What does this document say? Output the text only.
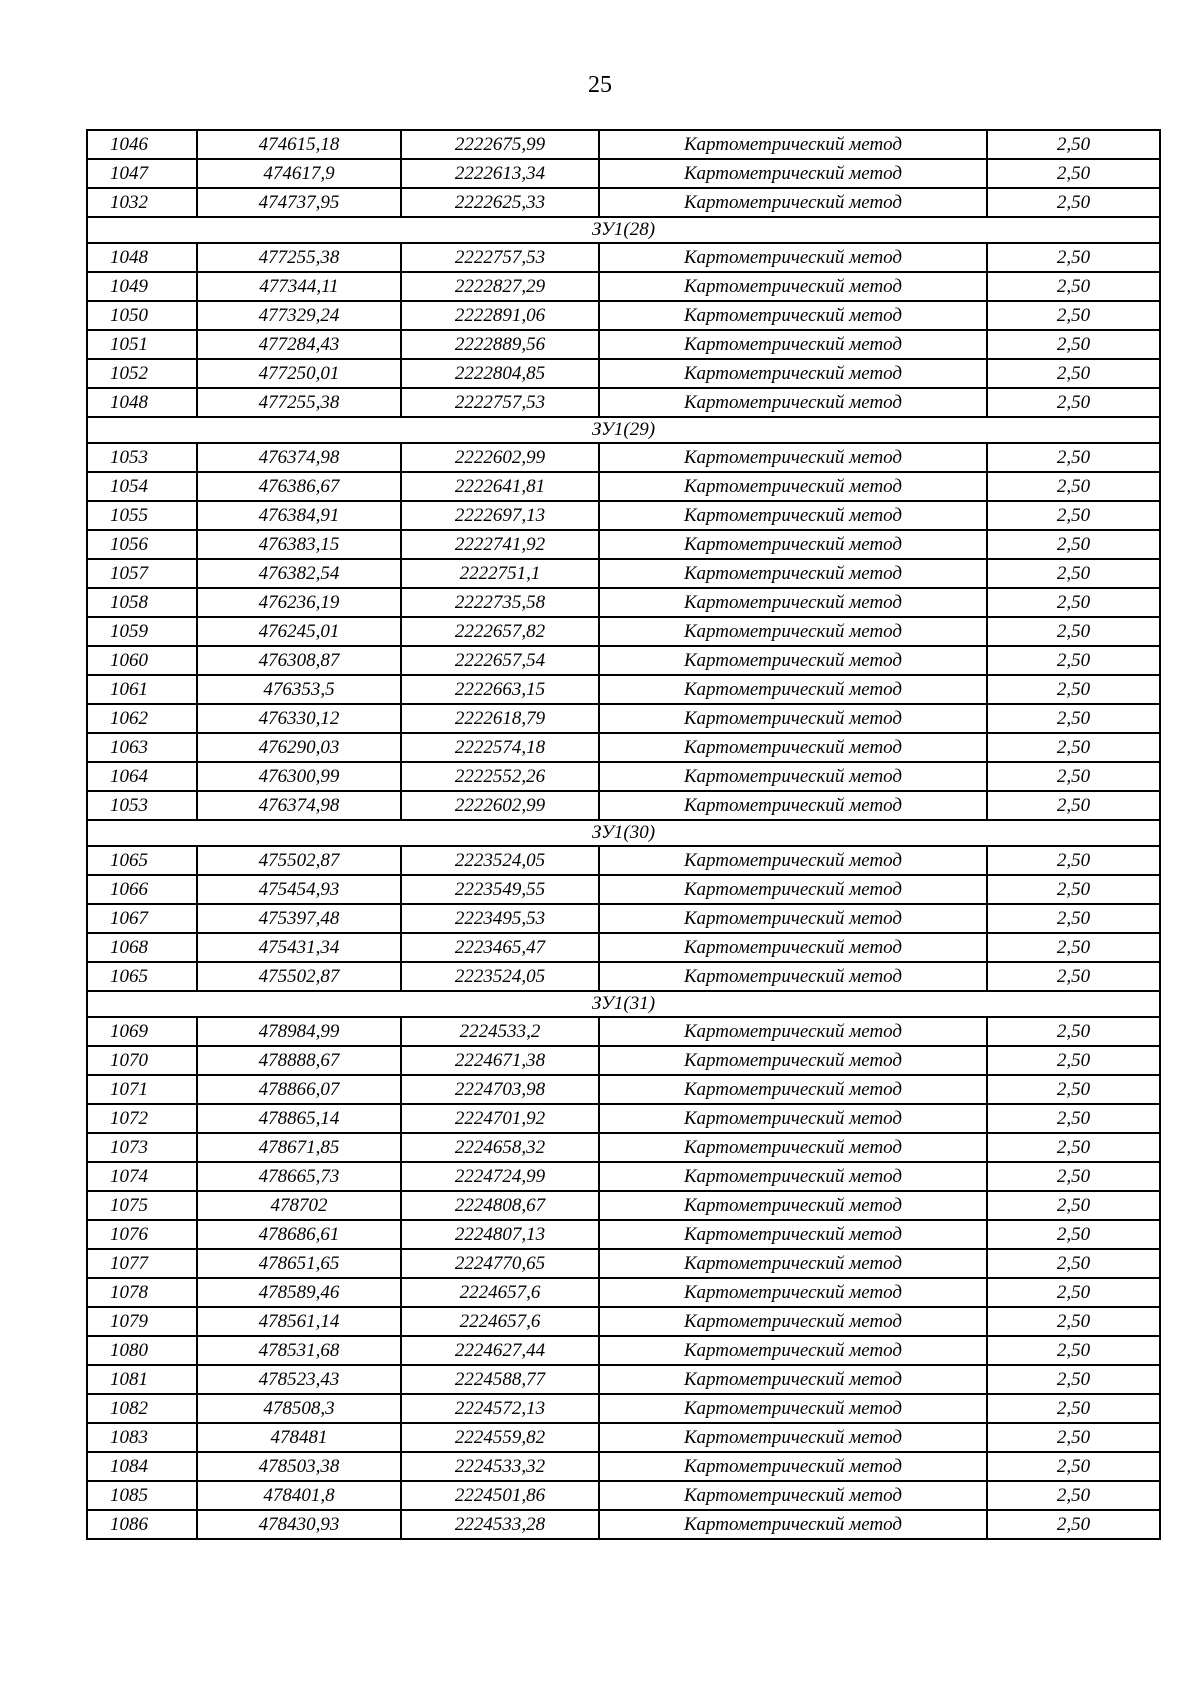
25
1046	474615,18	2222675,99	Картометрический метод	2,50
1047	474617,9	2222613,34	Картометрический метод	2,50
1032	474737,95	2222625,33	Картометрический метод	2,50
ЗУ1(28)				
1048	477255,38	2222757,53	Картометрический метод	2,50
1049	477344,11	2222827,29	Картометрический метод	2,50
1050	477329,24	2222891,06	Картометрический метод	2,50
1051	477284,43	2222889,56	Картометрический метод	2,50
1052	477250,01	2222804,85	Картометрический метод	2,50
1048	477255,38	2222757,53	Картометрический метод	2,50
ЗУ1(29)				
1053	476374,98	2222602,99	Картометрический метод	2,50
1054	476386,67	2222641,81	Картометрический метод	2,50
1055	476384,91	2222697,13	Картометрический метод	2,50
1056	476383,15	2222741,92	Картометрический метод	2,50
1057	476382,54	2222751,1	Картометрический метод	2,50
1058	476236,19	2222735,58	Картометрический метод	2,50
1059	476245,01	2222657,82	Картометрический метод	2,50
1060	476308,87	2222657,54	Картометрический метод	2,50
1061	476353,5	2222663,15	Картометрический метод	2,50
1062	476330,12	2222618,79	Картометрический метод	2,50
1063	476290,03	2222574,18	Картометрический метод	2,50
1064	476300,99	2222552,26	Картометрический метод	2,50
1053	476374,98	2222602,99	Картометрический метод	2,50
ЗУ1(30)				
1065	475502,87	2223524,05	Картометрический метод	2,50
1066	475454,93	2223549,55	Картометрический метод	2,50
1067	475397,48	2223495,53	Картометрический метод	2,50
1068	475431,34	2223465,47	Картометрический метод	2,50
1065	475502,87	2223524,05	Картометрический метод	2,50
ЗУ1(31)				
1069	478984,99	2224533,2	Картометрический метод	2,50
1070	478888,67	2224671,38	Картометрический метод	2,50
1071	478866,07	2224703,98	Картометрический метод	2,50
1072	478865,14	2224701,92	Картометрический метод	2,50
1073	478671,85	2224658,32	Картометрический метод	2,50
1074	478665,73	2224724,99	Картометрический метод	2,50
1075	478702	2224808,67	Картометрический метод	2,50
1076	478686,61	2224807,13	Картометрический метод	2,50
1077	478651,65	2224770,65	Картометрический метод	2,50
1078	478589,46	2224657,6	Картометрический метод	2,50
1079	478561,14	2224657,6	Картометрический метод	2,50
1080	478531,68	2224627,44	Картометрический метод	2,50
1081	478523,43	2224588,77	Картометрический метод	2,50
1082	478508,3	2224572,13	Картометрический метод	2,50
1083	478481	2224559,82	Картометрический метод	2,50
1084	478503,38	2224533,32	Картометрический метод	2,50
1085	478401,8	2224501,86	Картометрический метод	2,50
1086	478430,93	2224533,28	Картометрический метод	2,50
